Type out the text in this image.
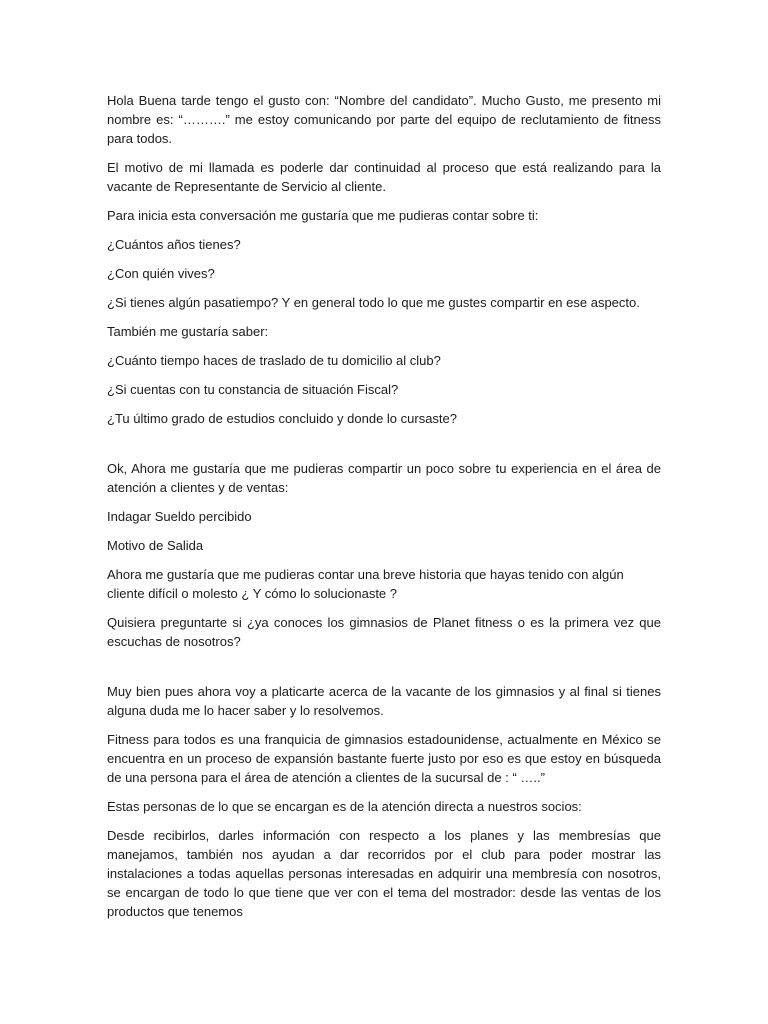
Hola Buena tarde tengo el gusto con: “Nombre del candidato”. Mucho Gusto, me presento mi nombre es: “……….” me estoy comunicando por parte del equipo de reclutamiento de fitness para todos.

El motivo de mi llamada es poderle dar continuidad al proceso que está realizando para la vacante de Representante de Servicio al cliente.

Para inicia esta conversación me gustaría que me pudieras contar sobre ti:

¿Cuántos años tienes?

¿Con quién vives?

¿Si tienes algún pasatiempo? Y en general todo lo que me gustes compartir en ese aspecto.

También me gustaría saber:

¿Cuánto tiempo haces de traslado de tu domicilio al club?

¿Si cuentas con tu constancia de situación Fiscal?

¿Tu último grado de estudios concluido y donde lo cursaste?

Ok, Ahora me gustaría que me pudieras compartir un poco sobre tu experiencia en el área de atención a clientes y de ventas:

Indagar Sueldo percibido

Motivo de Salida

Ahora me gustaría que me pudieras contar una breve historia que hayas tenido con algún cliente difícil o molesto ¿ Y cómo lo solucionaste ?

Quisiera preguntarte si ¿ya conoces los gimnasios de Planet fitness o es la primera vez que escuchas de nosotros?

Muy bien pues ahora voy a platicarte acerca de la vacante de los gimnasios y al final si tienes alguna duda me lo hacer saber y lo resolvemos.

Fitness para todos es una franquicia de gimnasios estadounidense, actualmente en México se encuentra en un proceso de expansión bastante fuerte justo por eso es que estoy en búsqueda de una persona para el área de atención a clientes de la sucursal de : “ …..”

Estas personas de lo que se encargan es de la atención directa a nuestros socios:

Desde recibirlos, darles información con respecto a los planes y las membresías que manejamos, también nos ayudan a dar recorridos por el club para poder mostrar las instalaciones a todas aquellas personas interesadas en adquirir una membresía con nosotros, se encargan de todo lo que tiene que ver con el tema del mostrador: desde las ventas de los productos que tenemos
